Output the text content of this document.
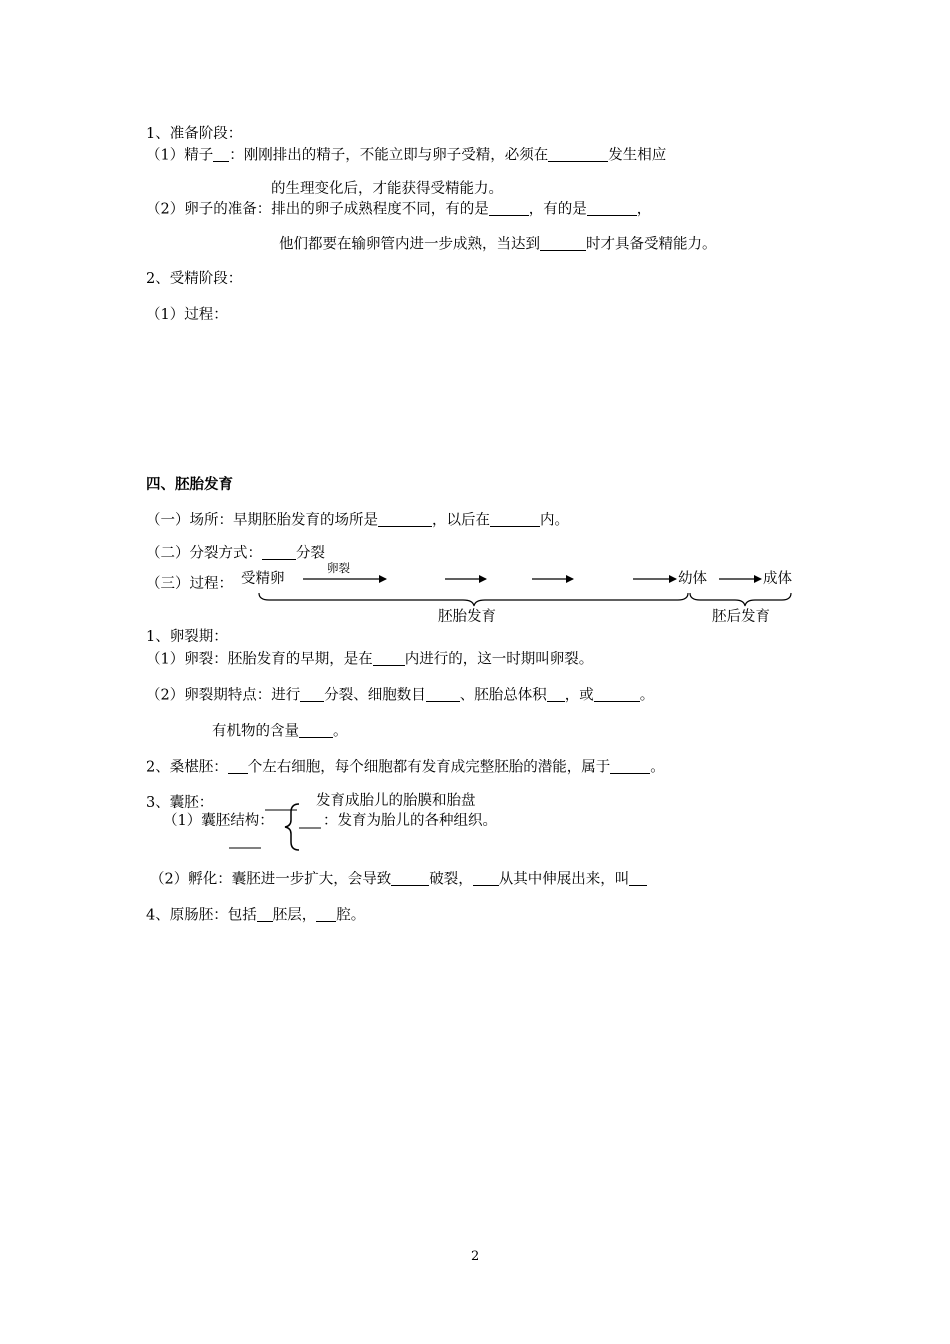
1、准备阶段：
（1）精子 ：刚刚排出的精子，不能立即与卵子受精，必须在	发生相应
的生理变化后，才能获得受精能力。
（2）卵子的准备：排出的卵子成熟程度不同，有的是	，有的是	，
他们都要在输卵管内进一步成熟，当达到	时才具备受精能力。
2、受精阶段：
（1）过程：
四、胚胎发育
（一）场所：早期胚胎发育的场所是	，以后在	内。
（二）分裂方式： 分裂
（三）过程： 受精卵
卵裂
幼体	成体
胚胎发育	胚后发育
1、卵裂期：
（1）卵裂：胚胎发育的早期，是在 内进行的，这一时期叫卵裂。
（2）卵裂期特点：进行 分裂、细胞数目 、胚胎总体积 ，或	。
有机物的含量 。
2、桑椹胚： 个左右细胞，每个细胞都有发育成完整胚胎的潜能，属于	。
3、囊胚：	发育成胎儿的胎膜和胎盘
（1）囊胚结构：	：发育为胎儿的各种组织。
（2）孵化：囊胚进一步扩大，会导致	破裂， 从其中伸展出来，叫
4、原肠胚：包括 胚层， 腔。
2
